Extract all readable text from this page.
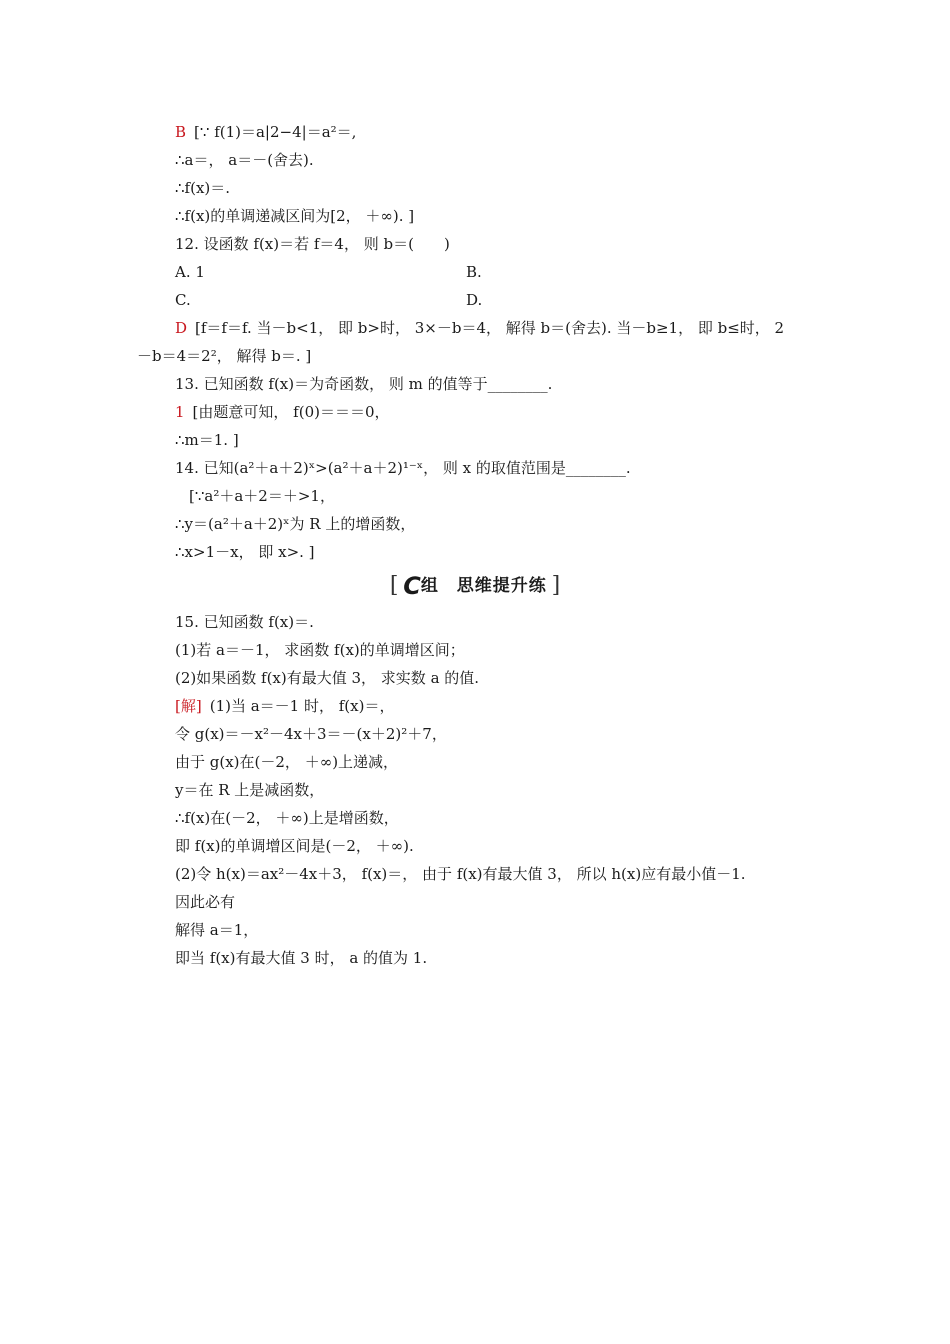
B [∵ f(1)＝a|2−4|＝a²＝,
∴a＝， a＝－(舍去).
∴f(x)＝.
∴f(x)的单调递减区间为[2， ＋∞). ]
12. 设函数 f(x)＝若 f＝4， 则 b＝(　　)
A. 1	B.
C.	D.
D [f＝f＝f. 当－b<1， 即 b>时， 3×－b＝4， 解得 b＝(舍去). 当－b≥1， 即 b≤时， 2
－b＝4＝2²， 解得 b＝. ]
13. 已知函数 f(x)＝为奇函数， 则 m 的值等于________.
1 [由题意可知， f(0)＝＝＝0，
∴m＝1. ]
14. 已知(a²＋a＋2)ˣ>(a²＋a＋2)¹⁻ˣ， 则 x 的取值范围是________.
[∵a²＋a＋2＝＋>1，
∴y＝(a²＋a＋2)ˣ为 R 上的增函数，
∴x>1－x， 即 x>. ]
[ C组　思维提升练 ]
15. 已知函数 f(x)＝.
(1)若 a＝－1， 求函数 f(x)的单调增区间；
(2)如果函数 f(x)有最大值 3， 求实数 a 的值.
[解] (1)当 a＝－1 时， f(x)＝，
令 g(x)＝－x²－4x＋3＝－(x＋2)²＋7，
由于 g(x)在(－2， ＋∞)上递减，
y＝在 R 上是减函数，
∴f(x)在(－2， ＋∞)上是增函数，
即 f(x)的单调增区间是(－2， ＋∞).
(2)令 h(x)＝ax²－4x＋3， f(x)＝， 由于 f(x)有最大值 3， 所以 h(x)应有最小值－1.
因此必有
解得 a＝1，
即当 f(x)有最大值 3 时， a 的值为 1.
